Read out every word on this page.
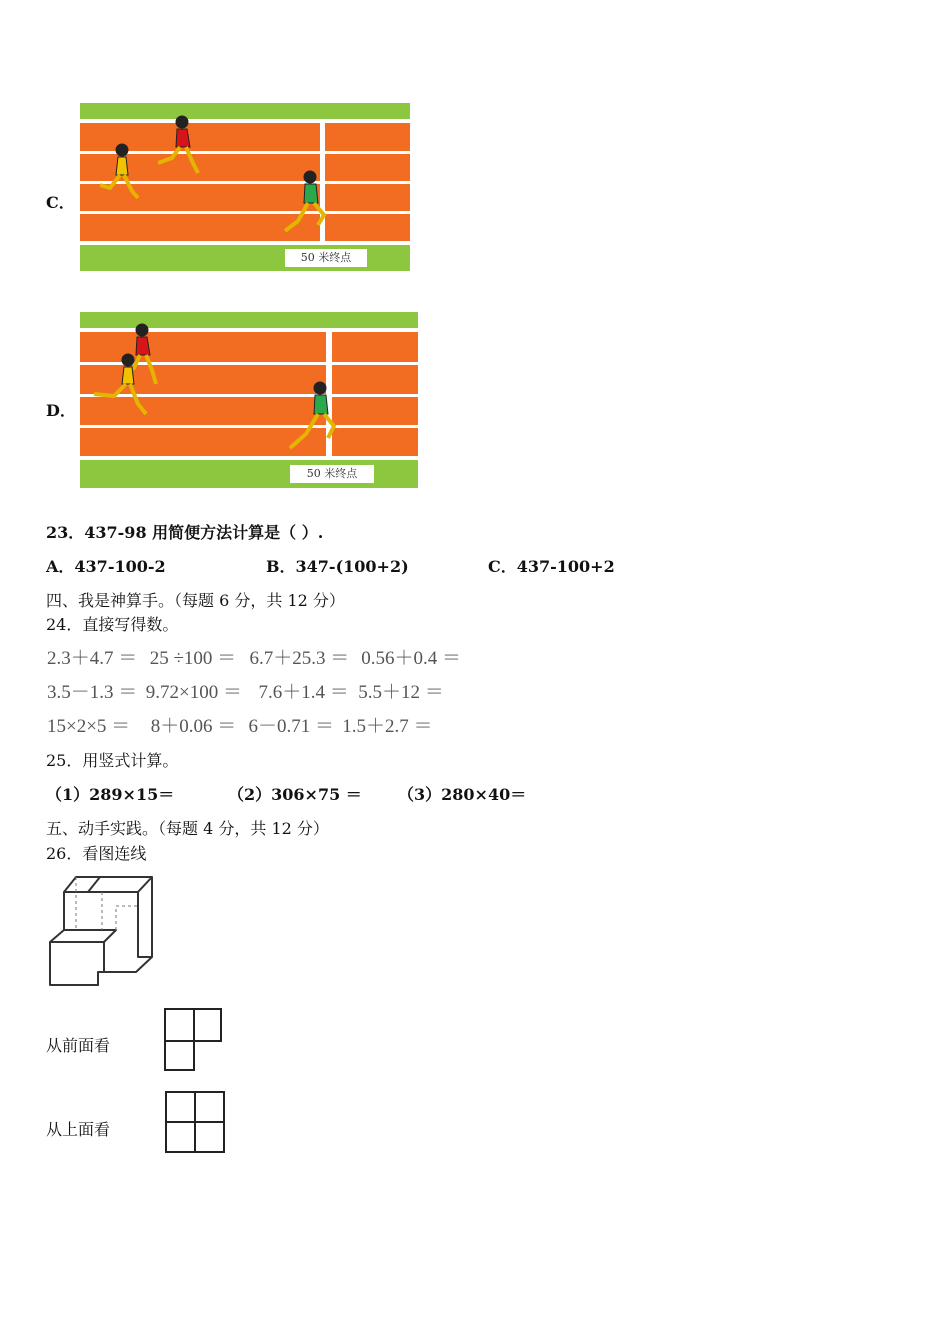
C．
50 米终点
D．
50 米终点
23．437-98 用简便方法计算是（ ）.
A．437-100-2	B．347-(100+2)	C．437-100+2
四、我是神算手。（每题 6 分，共 12 分）
24．直接写得数。
2.3＋4.7 ＝ 25 ÷100 ＝ 6.7＋25.3 ＝ 0.56＋0.4 ＝
3.5－1.3 ＝ 9.72×100 ＝ 7.6＋1.4 ＝ 5.5＋12 ＝
15×2×5 ＝ 8＋0.06 ＝ 6－0.71 ＝ 1.5＋2.7 ＝
25．用竖式计算。
（1）289×15＝	（2）306×75 ＝ （3）280×40＝
五、动手实践。（每题 4 分，共 12 分）
26．看图连线
从前面看
从上面看
